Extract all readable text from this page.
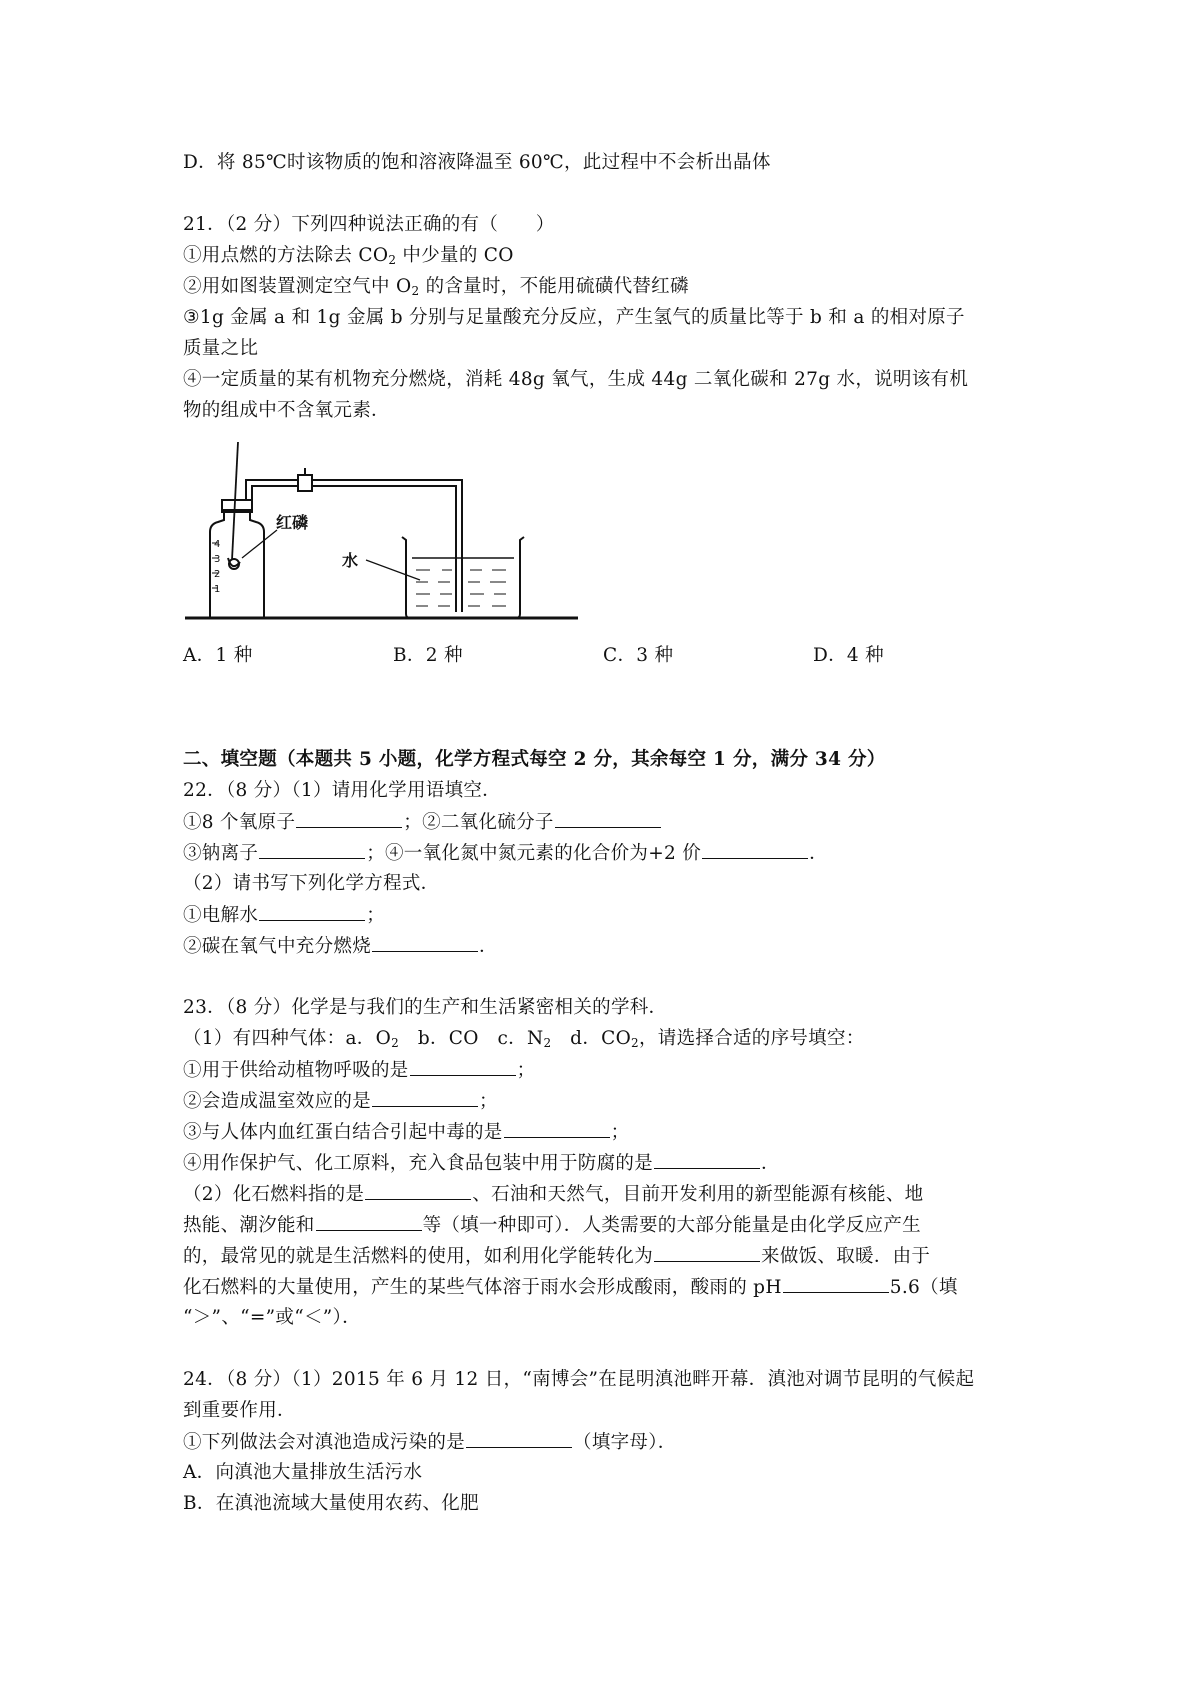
D．将 85℃时该物质的饱和溶液降温至 60℃，此过程中不会析出晶体
21．（2 分）下列四种说法正确的有（　　）
①用点燃的方法除去 $CO_2$ 中少量的 CO
②用如图装置测定空气中 $O_2$ 的含量时，不能用硫磺代替红磷
③1g 金属 a 和 1g 金属 b 分别与足量酸充分反应，产生氢气的质量比等于 b 和 a 的相对原子
质量之比
④一定质量的某有机物充分燃烧，消耗 48g 氧气，生成 44g 二氧化碳和 27g 水，说明该有机
物的组成中不含氧元素．
4
3
2
1
红磷
水
A．1 种	B．2 种	C．3 种	D．4 种
二、填空题（本题共 5 小题，化学方程式每空 2 分，其余每空 1 分，满分 34 分）
22．（8 分）（1）请用化学用语填空．
①8 个氧原子	；②二氧化硫分子
③钠离子	；④一氧化氮中氮元素的化合价为+2 价	．
（2）请书写下列化学方程式．
①电解水	；
②碳在氧气中充分燃烧	．
23．（8 分）化学是与我们的生产和生活紧密相关的学科．
（1）有四种气体：a．$O_2$　b．CO　c．$N_2$　d．$CO_2$，请选择合适的序号填空：
①用于供给动植物呼吸的是	；
②会造成温室效应的是	；
③与人体内血红蛋白结合引起中毒的是	；
④用作保护气、化工原料，充入食品包装中用于防腐的是	．
（2）化石燃料指的是	、石油和天然气，目前开发利用的新型能源有核能、地
热能、潮汐能和	等（填一种即可）．人类需要的大部分能量是由化学反应产生
的，最常见的就是生活燃料的使用，如利用化学能转化为	来做饭、取暖．由于
化石燃料的大量使用，产生的某些气体溶于雨水会形成酸雨，酸雨的 pH	5.6（填
“＞”、“=”或“＜”）．
24．（8 分）（1）2015 年 6 月 12 日，“南博会”在昆明滇池畔开幕．滇池对调节昆明的气候起
到重要作用．
①下列做法会对滇池造成污染的是	（填字母）．
A．向滇池大量排放生活污水
B．在滇池流域大量使用农药、化肥
